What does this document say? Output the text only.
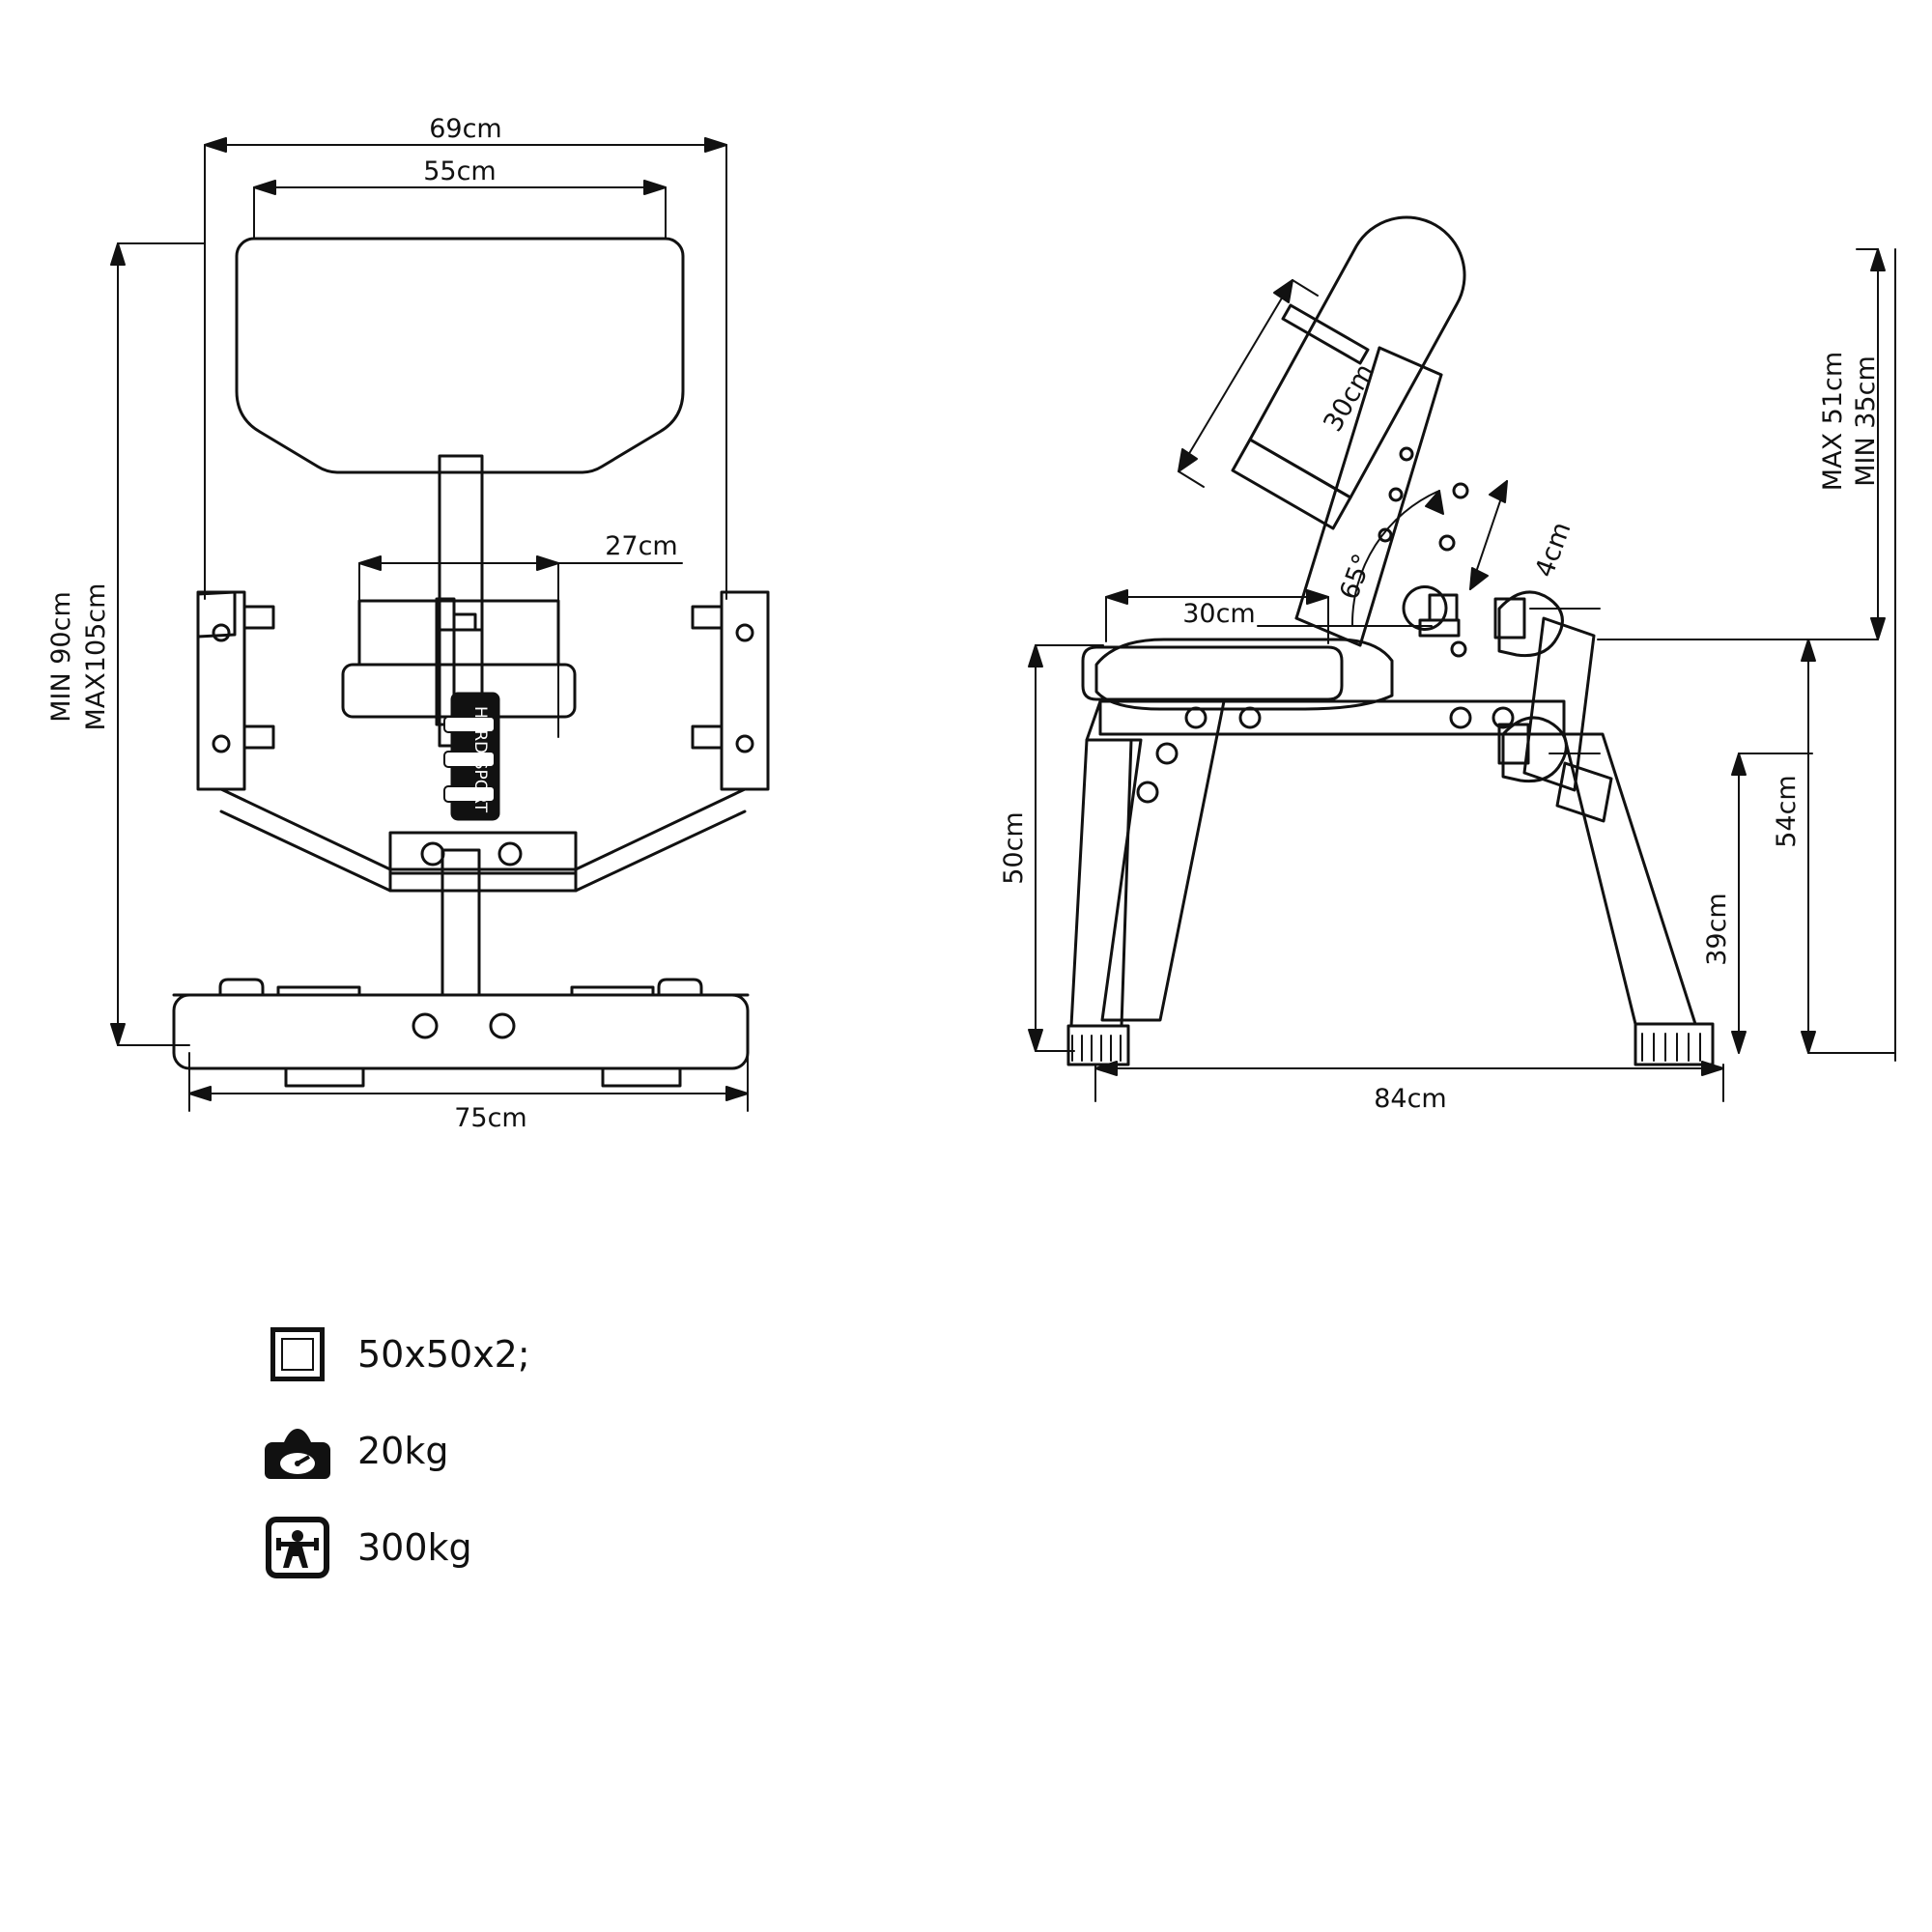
69cm
55cm
27cm
75cm
MIN 90cm MAX105cm
30cm
30cm
4cm
65°
50cm
84cm
MAX 51cm MIN 35cm
54cm
39cm
HARD SPORT
50x50x2;
20kg
300kg
